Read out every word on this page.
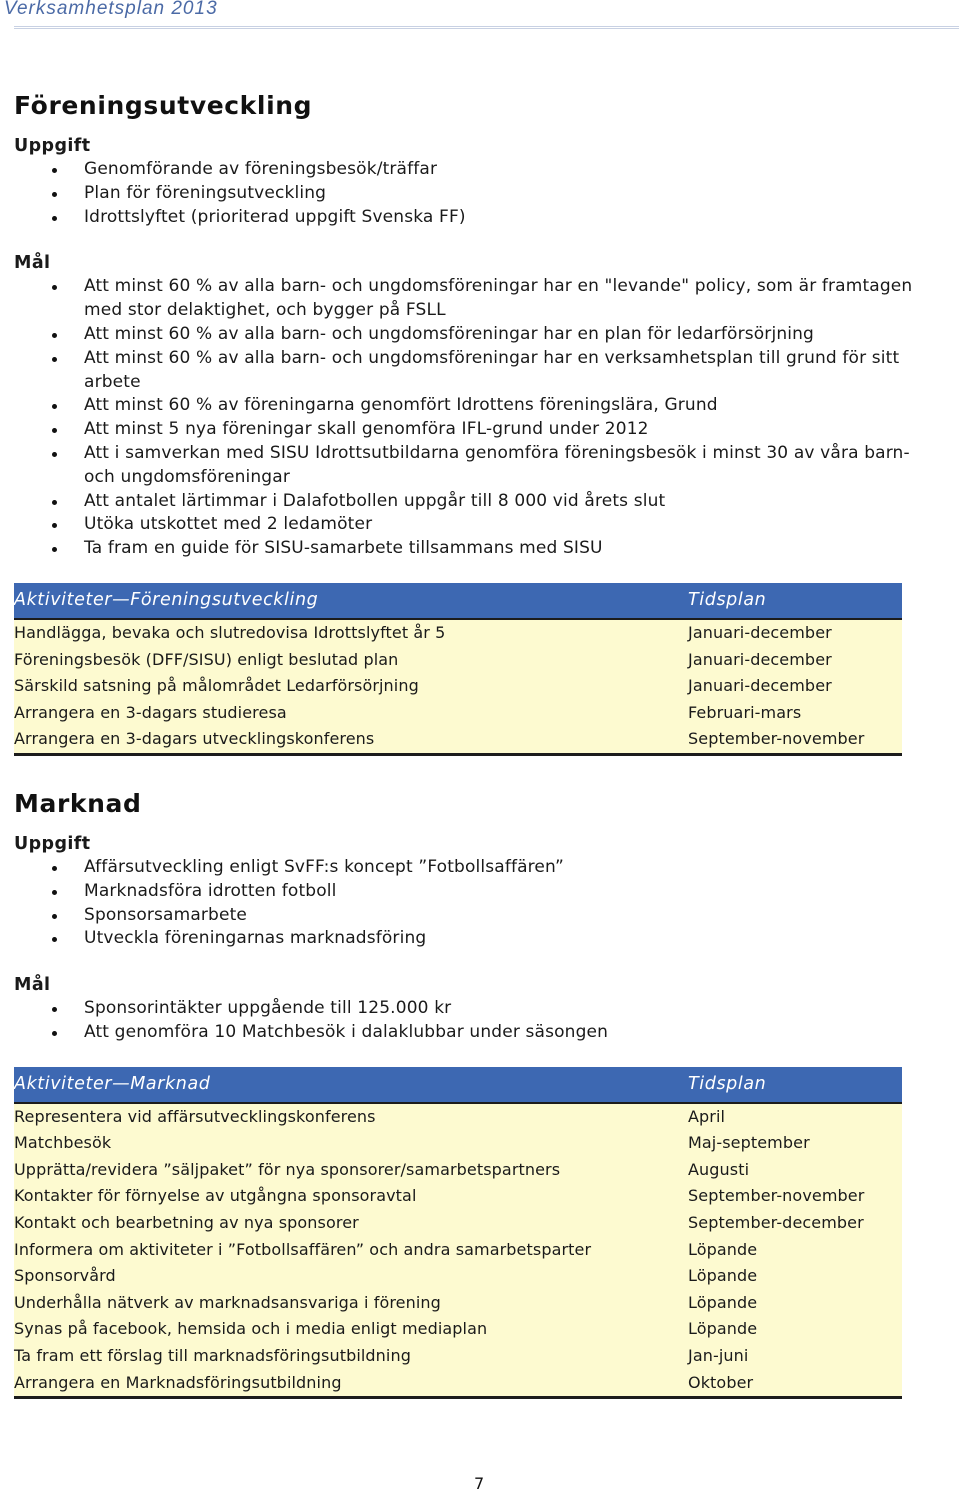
Verksamhetsplan 2013
Föreningsutveckling
Uppgift
Genomförande av föreningsbesök/träffar
Plan för föreningsutveckling
Idrottslyftet (prioriterad uppgift Svenska FF)
Mål
Att minst 60 % av alla barn- och ungdomsföreningar har en "levande" policy, som är framtagen med stor delaktighet, och bygger på FSLL
Att minst 60 % av alla barn- och ungdomsföreningar har en plan för ledarförsörjning
Att minst 60 % av alla barn- och ungdomsföreningar har en verksamhetsplan till grund för sitt arbete
Att minst 60 % av föreningarna genomfört Idrottens föreningslära, Grund
Att minst 5 nya föreningar skall genomföra IFL-grund under 2012
Att i samverkan med SISU Idrottsutbildarna genomföra föreningsbesök i minst 30 av våra barn- och ungdomsföreningar
Att antalet lärtimmar i Dalafotbollen uppgår till 8 000 vid årets slut
Utöka utskottet med 2 ledamöter
Ta fram en guide för SISU-samarbete tillsammans med SISU
Aktiviteter—Föreningsutveckling	Tidsplan
Handlägga, bevaka och slutredovisa Idrottslyftet år 5	Januari-december
Föreningsbesök (DFF/SISU) enligt beslutad plan	Januari-december
Särskild satsning på målområdet Ledarförsörjning	Januari-december
Arrangera en 3-dagars studieresa	Februari-mars
Arrangera en 3-dagars utvecklingskonferens	September-november
Marknad
Uppgift
Affärsutveckling enligt SvFF:s koncept ”Fotbollsaffären”
Marknadsföra idrotten fotboll
Sponsorsamarbete
Utveckla föreningarnas marknadsföring
Mål
Sponsorintäkter uppgående till 125.000 kr
Att genomföra 10 Matchbesök i dalaklubbar under säsongen
Aktiviteter—Marknad	Tidsplan
Representera vid affärsutvecklingskonferens	April
Matchbesök	Maj-september
Upprätta/revidera ”säljpaket” för nya sponsorer/samarbetspartners	Augusti
Kontakter för förnyelse av utgångna sponsoravtal	September-november
Kontakt och bearbetning av nya sponsorer	September-december
Informera om aktiviteter i ”Fotbollsaffären” och andra samarbetsparter	Löpande
Sponsorvård	Löpande
Underhålla nätverk av marknadsansvariga i förening	Löpande
Synas på facebook, hemsida och i media enligt mediaplan	Löpande
Ta fram ett förslag till marknadsföringsutbildning	Jan-juni
Arrangera en Marknadsföringsutbildning	Oktober
7
